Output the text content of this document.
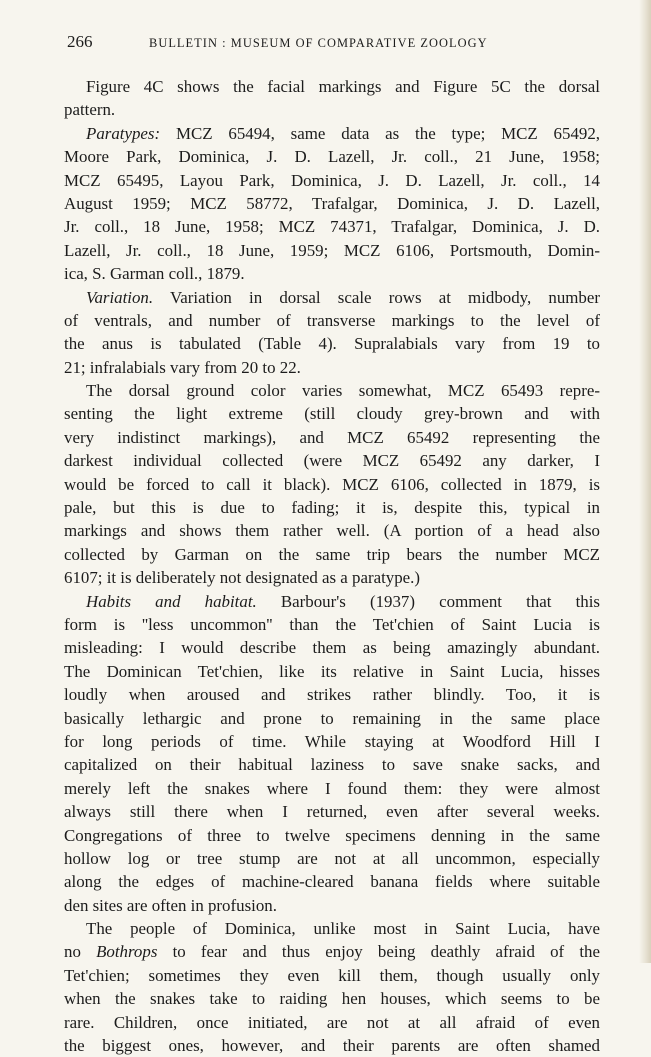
266	BULLETIN : MUSEUM OF COMPARATIVE ZOOLOGY
Figure 4C shows the facial markings and Figure 5C the dorsal
pattern.
Paratypes: MCZ 65494, same data as the type; MCZ 65492,
Moore Park, Dominica, J. D. Lazell, Jr. coll., 21 June, 1958;
MCZ 65495, Layou Park, Dominica, J. D. Lazell, Jr. coll., 14
August 1959; MCZ 58772, Trafalgar, Dominica, J. D. Lazell,
Jr. coll., 18 June, 1958; MCZ 74371, Trafalgar, Dominica, J. D.
Lazell, Jr. coll., 18 June, 1959; MCZ 6106, Portsmouth, Domin-
ica, S. Garman coll., 1879.
Variation. Variation in dorsal scale rows at midbody, number
of ventrals, and number of transverse markings to the level of
the anus is tabulated (Table 4). Supralabials vary from 19 to
21; infralabials vary from 20 to 22.
The dorsal ground color varies somewhat, MCZ 65493 repre-
senting the light extreme (still cloudy grey-brown and with
very indistinct markings), and MCZ 65492 representing the
darkest individual collected (were MCZ 65492 any darker, I
would be forced to call it black). MCZ 6106, collected in 1879, is
pale, but this is due to fading; it is, despite this, typical in
markings and shows them rather well. (A portion of a head also
collected by Garman on the same trip bears the number MCZ
6107; it is deliberately not designated as a paratype.)
Habits and habitat. Barbour's (1937) comment that this
form is ''less uncommon'' than the Tet'chien of Saint Lucia is
misleading: I would describe them as being amazingly abundant.
The Dominican Tet'chien, like its relative in Saint Lucia, hisses
loudly when aroused and strikes rather blindly. Too, it is
basically lethargic and prone to remaining in the same place
for long periods of time. While staying at Woodford Hill I
capitalized on their habitual laziness to save snake sacks, and
merely left the snakes where I found them: they were almost
always still there when I returned, even after several weeks.
Congregations of three to twelve specimens denning in the same
hollow log or tree stump are not at all uncommon, especially
along the edges of machine-cleared banana fields where suitable
den sites are often in profusion.
The people of Dominica, unlike most in Saint Lucia, have
no Bothrops to fear and thus enjoy being deathly afraid of the
Tet'chien; sometimes they even kill them, though usually only
when the snakes take to raiding hen houses, which seems to be
rare. Children, once initiated, are not at all afraid of even
the biggest ones, however, and their parents are often shamed
